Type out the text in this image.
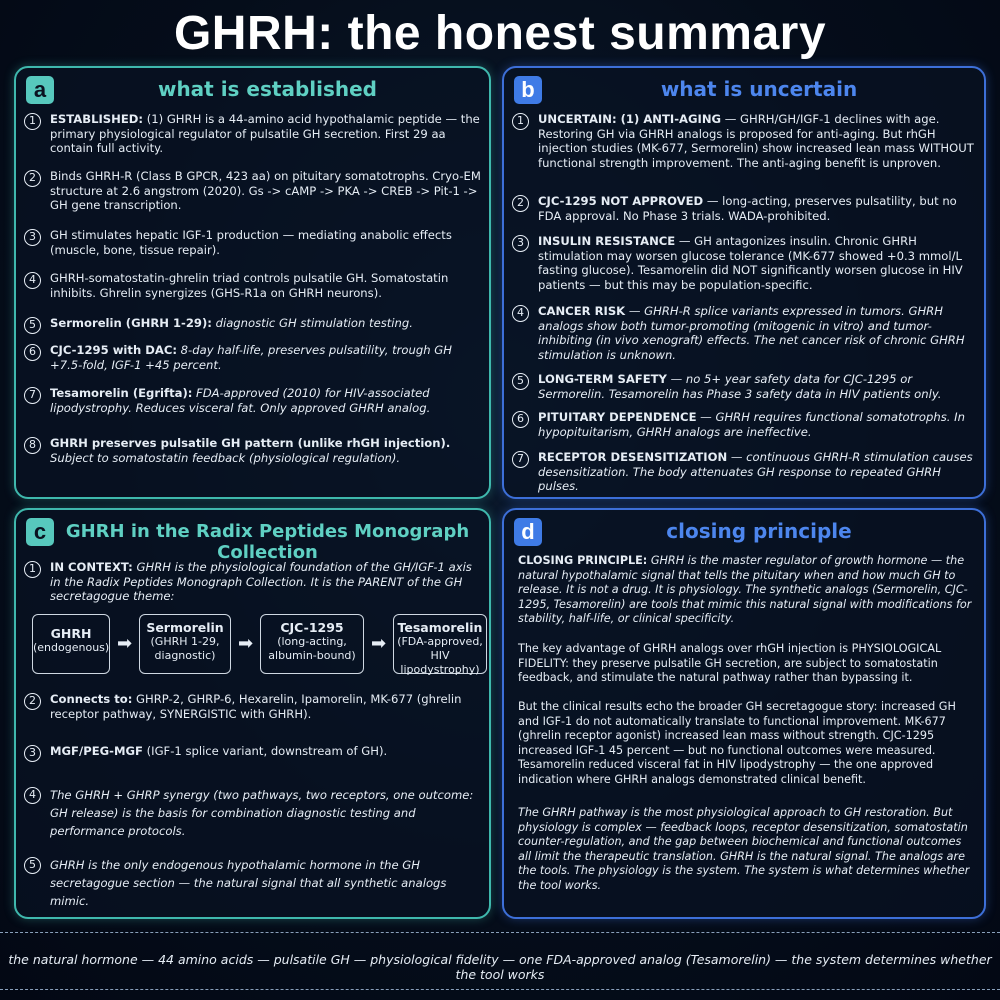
GHRH: the honest summary
a	what is established
1	ESTABLISHED: (1) GHRH is a 44-amino acid hypothalamic peptide — the primary physiological regulator of pulsatile GH secretion. First 29 aa contain full activity.
2	Binds GHRH-R (Class B GPCR, 423 aa) on pituitary somatotrophs. Cryo-EM structure at 2.6 angstrom (2020). Gs -> cAMP -> PKA -> CREB -> Pit-1 -> GH gene transcription.
3	GH stimulates hepatic IGF-1 production — mediating anabolic effects (muscle, bone, tissue repair).
4	GHRH-somatostatin-ghrelin triad controls pulsatile GH. Somatostatin inhibits. Ghrelin synergizes (GHS-R1a on GHRH neurons).
5	Sermorelin (GHRH 1-29): diagnostic GH stimulation testing.
6	CJC-1295 with DAC: 8-day half-life, preserves pulsatility, trough GH +7.5-fold, IGF-1 +45 percent.
7	Tesamorelin (Egrifta): FDA-approved (2010) for HIV-associated lipodystrophy. Reduces visceral fat. Only approved GHRH analog.
8	GHRH preserves pulsatile GH pattern (unlike rhGH injection). Subject to somatostatin feedback (physiological regulation).
b	what is uncertain
1	UNCERTAIN: (1) ANTI-AGING — GHRH/GH/IGF-1 declines with age. Restoring GH via GHRH analogs is proposed for anti-aging. But rhGH injection studies (MK-677, Sermorelin) show increased lean mass WITHOUT functional strength improvement. The anti-aging benefit is unproven.
2	CJC-1295 NOT APPROVED — long-acting, preserves pulsatility, but no FDA approval. No Phase 3 trials. WADA-prohibited.
3	INSULIN RESISTANCE — GH antagonizes insulin. Chronic GHRH stimulation may worsen glucose tolerance (MK-677 showed +0.3 mmol/L fasting glucose). Tesamorelin did NOT significantly worsen glucose in HIV patients — but this may be population-specific.
4	CANCER RISK — GHRH-R splice variants expressed in tumors. GHRH analogs show both tumor-promoting (mitogenic in vitro) and tumor-inhibiting (in vivo xenograft) effects. The net cancer risk of chronic GHRH stimulation is unknown.
5	LONG-TERM SAFETY — no 5+ year safety data for CJC-1295 or Sermorelin. Tesamorelin has Phase 3 safety data in HIV patients only.
6	PITUITARY DEPENDENCE — GHRH requires functional somatotrophs. In hypopituitarism, GHRH analogs are ineffective.
7	RECEPTOR DESENSITIZATION — continuous GHRH-R stimulation causes desensitization. The body attenuates GH response to repeated GHRH pulses.
c	GHRH in the Radix Peptides Monograph Collection
1	IN CONTEXT: GHRH is the physiological foundation of the GH/IGF-1 axis in the Radix Peptides Monograph Collection. It is the PARENT of the GH secretagogue theme:
GHRH
(endogenous) ➡
Sermorelin
(GHRH 1-29, diagnostic)
➡
CJC-1295
(long-acting, albumin-bound)
➡
Tesamorelin
(FDA-approved, HIV lipodystrophy)
2	Connects to: GHRP-2, GHRP-6, Hexarelin, Ipamorelin, MK-677 (ghrelin receptor pathway, SYNERGISTIC with GHRH).
3	MGF/PEG-MGF (IGF-1 splice variant, downstream of GH).
4	The GHRH + GHRP synergy (two pathways, two receptors, one outcome: GH release) is the basis for combination diagnostic testing and performance protocols.
5	GHRH is the only endogenous hypothalamic hormone in the GH secretagogue section — the natural signal that all synthetic analogs mimic.
d	closing principle
CLOSING PRINCIPLE: GHRH is the master regulator of growth hormone — the natural hypothalamic signal that tells the pituitary when and how much GH to release. It is not a drug. It is physiology. The synthetic analogs (Sermorelin, CJC-1295, Tesamorelin) are tools that mimic this natural signal with modifications for stability, half-life, or clinical specificity.
The key advantage of GHRH analogs over rhGH injection is PHYSIOLOGICAL FIDELITY: they preserve pulsatile GH secretion, are subject to somatostatin feedback, and stimulate the natural pathway rather than bypassing it.
But the clinical results echo the broader GH secretagogue story: increased GH and IGF-1 do not automatically translate to functional improvement. MK-677 (ghrelin receptor agonist) increased lean mass without strength. CJC-1295 increased IGF-1 45 percent — but no functional outcomes were measured. Tesamorelin reduced visceral fat in HIV lipodystrophy — the one approved indication where GHRH analogs demonstrated clinical benefit.
The GHRH pathway is the most physiological approach to GH restoration. But physiology is complex — feedback loops, receptor desensitization, somatostatin counter-regulation, and the gap between biochemical and functional outcomes all limit the therapeutic translation. GHRH is the natural signal. The analogs are the tools. The physiology is the system. The system is what determines whether the tool works.
the natural hormone — 44 amino acids — pulsatile GH — physiological fidelity — one FDA-approved analog (Tesamorelin) — the system determines whether the tool works
